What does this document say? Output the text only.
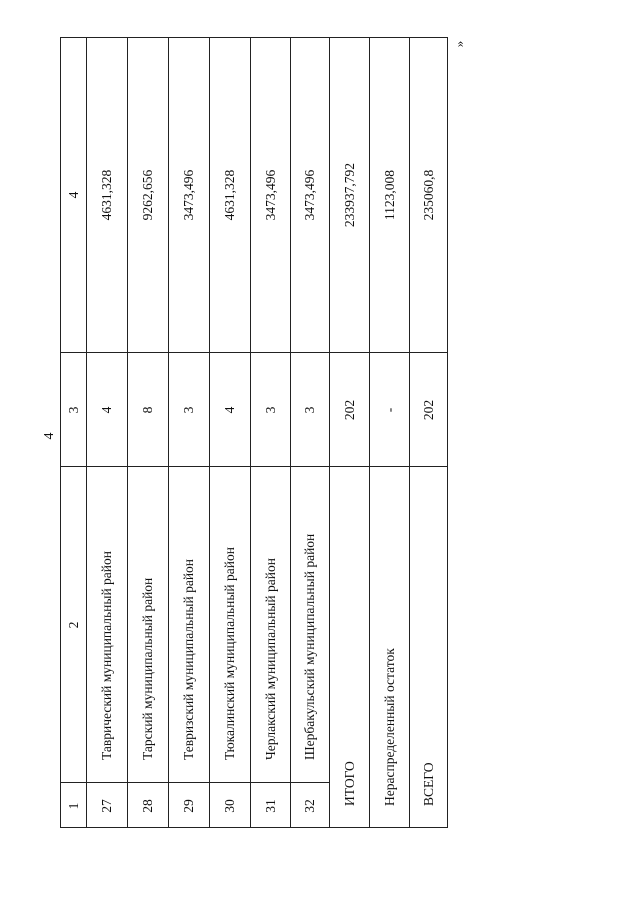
4
»
4
3
2
1
4631,328
4
Таврический муниципальный район
27
9262,656
8
Тарский муниципальный район
28
3473,496
3
Тевризский муниципальный район
29
4631,328
4
Тюкалинский муниципальный район
30
3473,496
3
Черлакский муниципальный район
31
3473,496
3
Шербакульский муниципальный район
32
233937,792
202
ИТОГО
1123,008
-
Нераспределенный остаток
235060,8
202
ВСЕГО
